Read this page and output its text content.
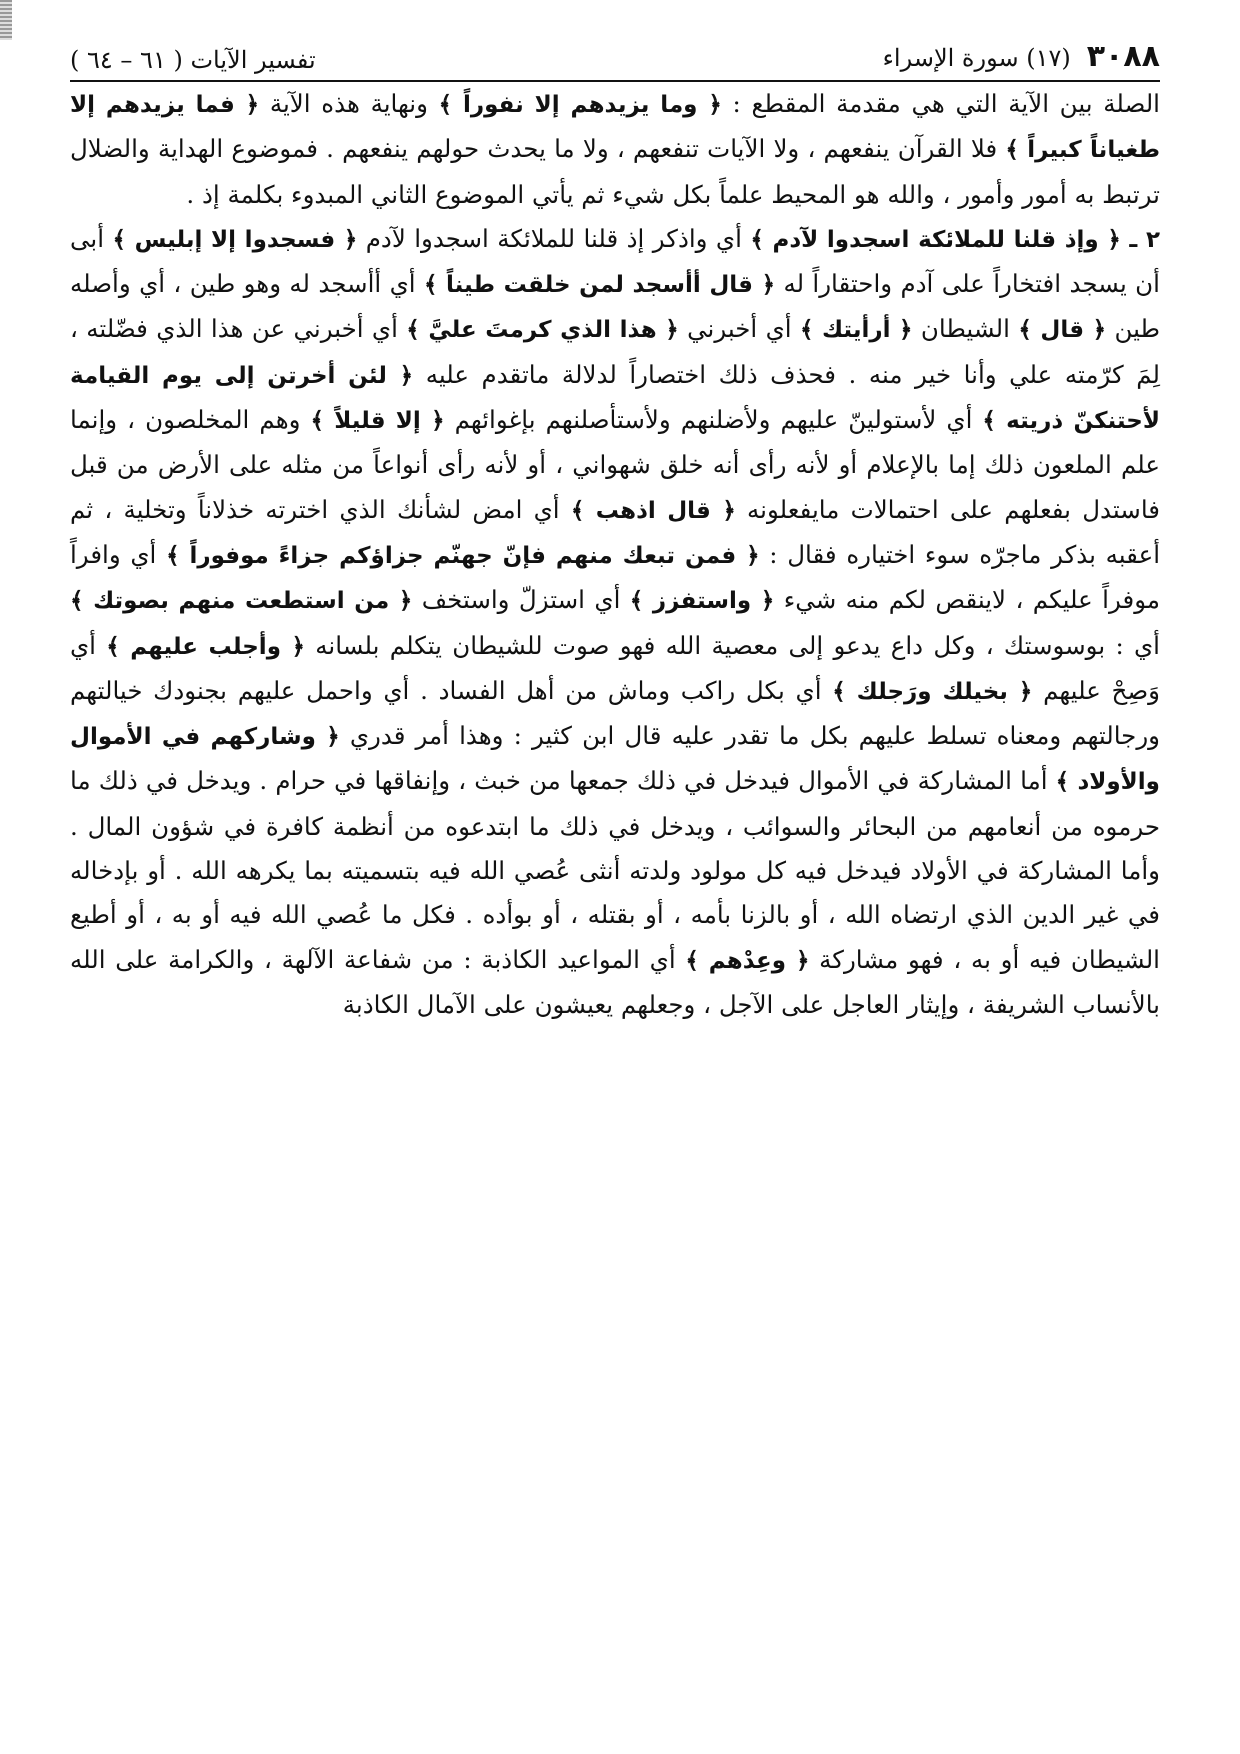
٣٠٨٨
(١٧) سورة الإسراء
تفسير الآيات ( ٦١ – ٦٤ )

الصلة بين الآية التي هي مقدمة المقطع : ﴿ وما يزيدهم إلا نفوراً ﴾ ونهاية هذه الآية ﴿ فما يزيدهم إلا طغياناً كبيراً ﴾ فلا القرآن ينفعهم ، ولا الآيات تنفعهم ، ولا ما يحدث حولهم ينفعهم . فموضوع الهداية والضلال ترتبط به أمور وأمور ، والله هو المحيط علماً بكل شيء ثم يأتي الموضوع الثاني المبدوء بكلمة إذ .

٢ ـ ﴿ وإذ قلنا للملائكة اسجدوا لآدم ﴾ أي واذكر إذ قلنا للملائكة اسجدوا لآدم ﴿ فسجدوا إلا إبليس ﴾ أبى أن يسجد افتخاراً على آدم واحتقاراً له ﴿ قال أأسجد لمن خلقت طيناً ﴾ أي أأسجد له وهو طين ، أي وأصله طين ﴿ قال ﴾ الشيطان ﴿ أرأيتك ﴾ أي أخبرني ﴿ هذا الذي كرمتَ عليَّ ﴾ أي أخبرني عن هذا الذي فضّلته ، لِمَ كرّمته علي وأنا خير منه . فحذف ذلك اختصاراً لدلالة ماتقدم عليه ﴿ لئن أخرتن إلى يوم القيامة لأحتنكنّ ذريته ﴾ أي لأستولينّ عليهم ولأضلنهم ولأستأصلنهم بإغوائهم ﴿ إلا قليلاً ﴾ وهم المخلصون ، وإنما علم الملعون ذلك إما بالإعلام أو لأنه رأى أنه خلق شهواني ، أو لأنه رأى أنواعاً من مثله على الأرض من قبل فاستدل بفعلهم على احتمالات مايفعلونه ﴿ قال اذهب ﴾ أي امض لشأنك الذي اخترته خذلاناً وتخلية ، ثم أعقبه بذكر ماجرّه سوء اختياره فقال : ﴿ فمن تبعك منهم فإنّ جهنّم جزاؤكم جزاءً موفوراً ﴾ أي وافراً موفراً عليكم ، لاينقص لكم منه شيء ﴿ واستفزز ﴾ أي استزلّ واستخف ﴿ من استطعت منهم بصوتك ﴾ أي : بوسوستك ، وكل داع يدعو إلى معصية الله فهو صوت للشيطان يتكلم بلسانه ﴿ وأجلب عليهم ﴾ أي وَصِحْ عليهم ﴿ بخيلك ورَجلك ﴾ أي بكل راكب وماش من أهل الفساد . أي واحمل عليهم بجنودك خيالتهم ورجالتهم ومعناه تسلط عليهم بكل ما تقدر عليه قال ابن كثير : وهذا أمر قدري ﴿ وشاركهم في الأموال والأولاد ﴾ أما المشاركة في الأموال فيدخل في ذلك جمعها من خبث ، وإنفاقها في حرام . ويدخل في ذلك ما حرموه من أنعامهم من البحائر والسوائب ، ويدخل في ذلك ما ابتدعوه من أنظمة كافرة في شؤون المال . وأما المشاركة في الأولاد فيدخل فيه كل مولود ولدته أنثى عُصي الله فيه بتسميته بما يكرهه الله . أو بإدخاله في غير الدين الذي ارتضاه الله ، أو بالزنا بأمه ، أو بقتله ، أو بوأده . فكل ما عُصي الله فيه أو به ، أو أطيع الشيطان فيه أو به ، فهو مشاركة ﴿ وعِدْهم ﴾ أي المواعيد الكاذبة : من شفاعة الآلهة ، والكرامة على الله بالأنساب الشريفة ، وإيثار العاجل على الآجل ، وجعلهم يعيشون على الآمال الكاذبة
